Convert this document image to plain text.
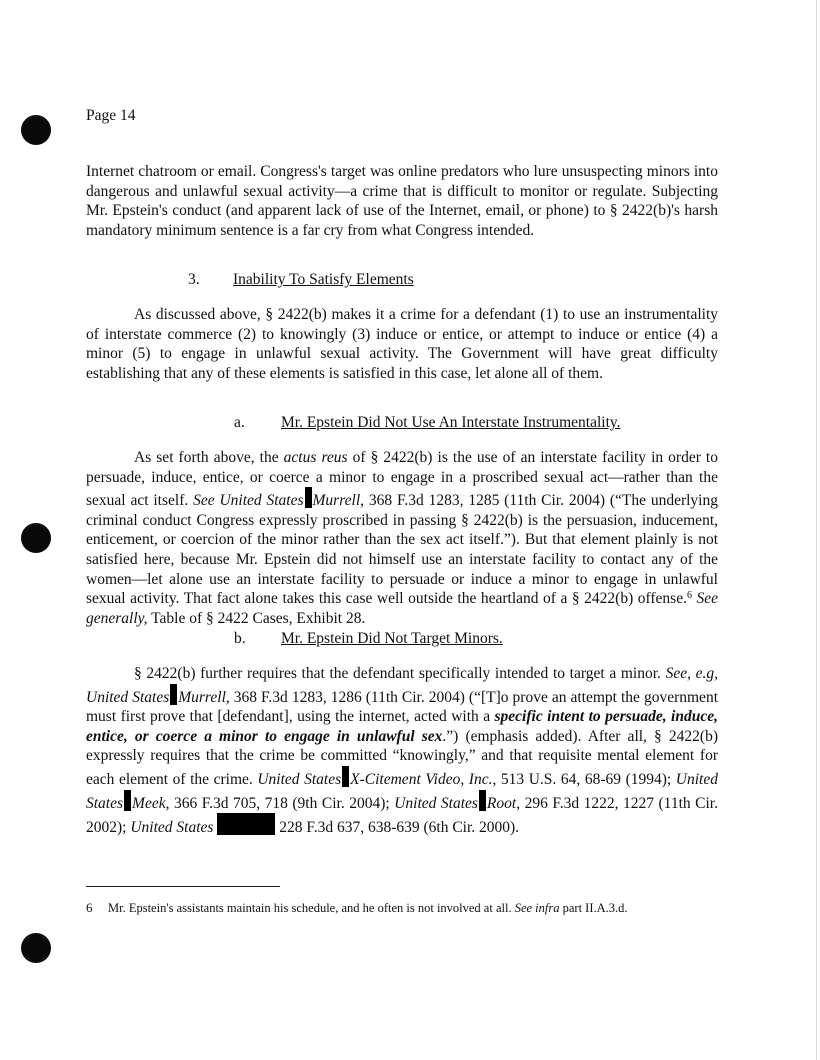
Page 14

Internet chatroom or email. Congress's target was online predators who lure unsuspecting minors into dangerous and unlawful sexual activity—a crime that is difficult to monitor or regulate. Subjecting Mr. Epstein's conduct (and apparent lack of use of the Internet, email, or phone) to § 2422(b)'s harsh mandatory minimum sentence is a far cry from what Congress intended.

3. Inability To Satisfy Elements

As discussed above, § 2422(b) makes it a crime for a defendant (1) to use an instrumentality of interstate commerce (2) to knowingly (3) induce or entice, or attempt to induce or entice (4) a minor (5) to engage in unlawful sexual activity. The Government will have great difficulty establishing that any of these elements is satisfied in this case, let alone all of them.

a. Mr. Epstein Did Not Use An Interstate Instrumentality.

As set forth above, the actus reus of § 2422(b) is the use of an interstate facility in order to persuade, induce, entice, or coerce a minor to engage in a proscribed sexual act—rather than the sexual act itself. See United States Murrell, 368 F.3d 1283, 1285 (11th Cir. 2004) (“The underlying criminal conduct Congress expressly proscribed in passing § 2422(b) is the persuasion, inducement, enticement, or coercion of the minor rather than the sex act itself.”). But that element plainly is not satisfied here, because Mr. Epstein did not himself use an interstate facility to contact any of the women—let alone use an interstate facility to persuade or induce a minor to engage in unlawful sexual activity. That fact alone takes this case well outside the heartland of a § 2422(b) offense.$^6$ See generally, Table of § 2422 Cases, Exhibit 28.

b. Mr. Epstein Did Not Target Minors.

§ 2422(b) further requires that the defendant specifically intended to target a minor. See, e.g, United States Murrell, 368 F.3d 1283, 1286 (11th Cir. 2004) (“[T]o prove an attempt the government must first prove that [defendant], using the internet, acted with a specific intent to persuade, induce, entice, or coerce a minor to engage in unlawful sex.”) (emphasis added). After all, § 2422(b) expressly requires that the crime be committed “knowingly,” and that requisite mental element for each element of the crime. United States X-Citement Video, Inc., 513 U.S. 64, 68-69 (1994); United States Meek, 366 F.3d 705, 718 (9th Cir. 2004); United States Root, 296 F.3d 1222, 1227 (11th Cir. 2002); United States	228 F.3d 637, 638-639 (6th Cir. 2000).

6 Mr. Epstein's assistants maintain his schedule, and he often is not involved at all. See infra part II.A.3.d.
